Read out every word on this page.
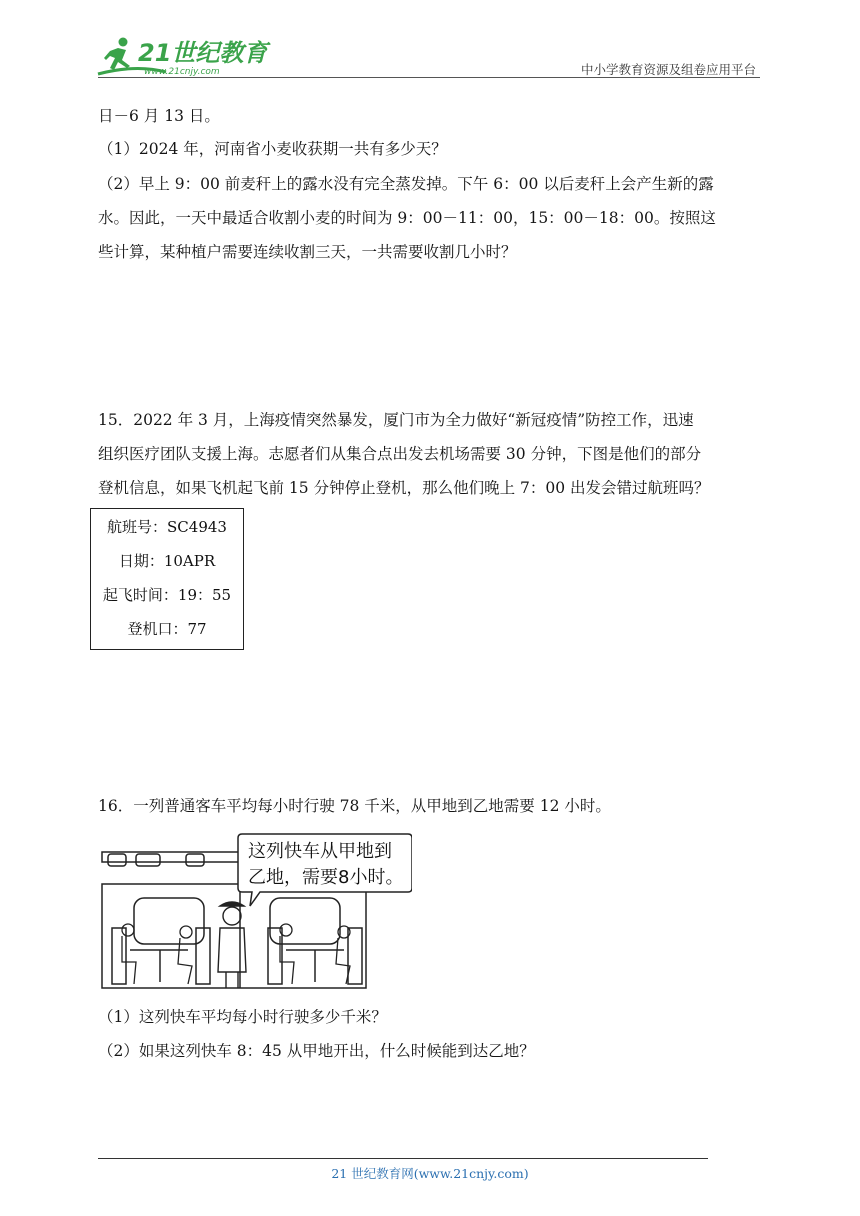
21世纪教育
www.21cnjy.com	中小学教育资源及组卷应用平台
日－6 月 13 日。
（1）2024 年，河南省小麦收获期一共有多少天？
（2）早上 9：00 前麦秆上的露水没有完全蒸发掉。下午 6：00 以后麦秆上会产生新的露
水。因此，一天中最适合收割小麦的时间为 9：00－11：00，15：00－18：00。按照这
些计算，某种植户需要连续收割三天，一共需要收割几小时？
15．2022 年 3 月，上海疫情突然暴发，厦门市为全力做好“新冠疫情”防控工作，迅速
组织医疗团队支援上海。志愿者们从集合点出发去机场需要 30 分钟，下图是他们的部分
登机信息，如果飞机起飞前 15 分钟停止登机，那么他们晚上 7：00 出发会错过航班吗？
航班号：SC4943
日期：10APR
起飞时间：19：55
登机口：77
16．一列普通客车平均每小时行驶 78 千米，从甲地到乙地需要 12 小时。
这列快车从甲地到
乙地，需要8小时。
（1）这列快车平均每小时行驶多少千米？
（2）如果这列快车 8：45 从甲地开出，什么时候能到达乙地？
21 世纪教育网(www.21cnjy.com)
